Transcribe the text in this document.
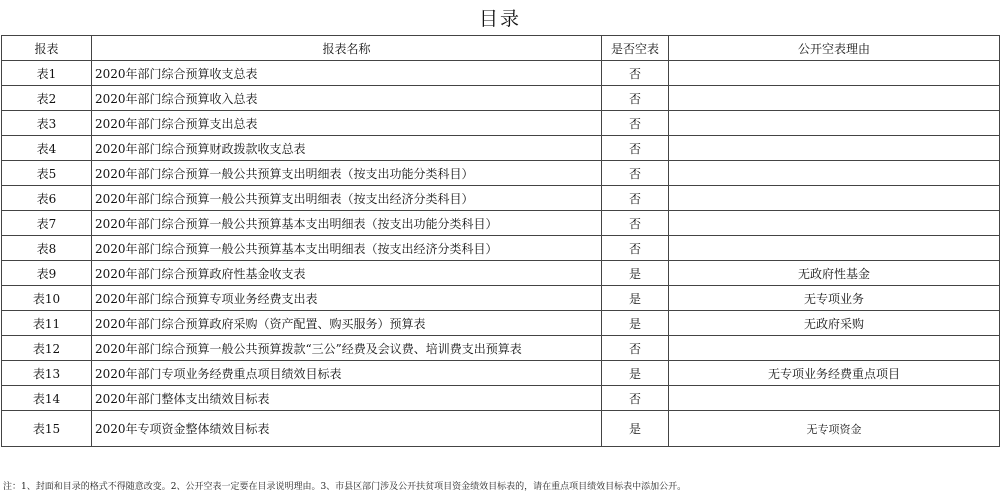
目录
报表	报表名称	是否空表	公开空表理由
表1	2020年部门综合预算收支总表	否	
表2	2020年部门综合预算收入总表	否	
表3	2020年部门综合预算支出总表	否	
表4	2020年部门综合预算财政拨款收支总表	否	
表5	2020年部门综合预算一般公共预算支出明细表（按支出功能分类科目）	否	
表6	2020年部门综合预算一般公共预算支出明细表（按支出经济分类科目）	否	
表7	2020年部门综合预算一般公共预算基本支出明细表（按支出功能分类科目）	否	
表8	2020年部门综合预算一般公共预算基本支出明细表（按支出经济分类科目）	否	
表9	2020年部门综合预算政府性基金收支表	是	无政府性基金
表10	2020年部门综合预算专项业务经费支出表	是	无专项业务
表11	2020年部门综合预算政府采购（资产配置、购买服务）预算表	是	无政府采购
表12	2020年部门综合预算一般公共预算拨款“三公”经费及会议费、培训费支出预算表	否	
表13	2020年部门专项业务经费重点项目绩效目标表	是	无专项业务经费重点项目
表14	2020年部门整体支出绩效目标表	否	
表15	2020年专项资金整体绩效目标表	是	无专项资金
注：1、封面和目录的格式不得随意改变。2、公开空表一定要在目录说明理由。3、市县区部门涉及公开扶贫项目资金绩效目标表的，请在重点项目绩效目标表中添加公开。
